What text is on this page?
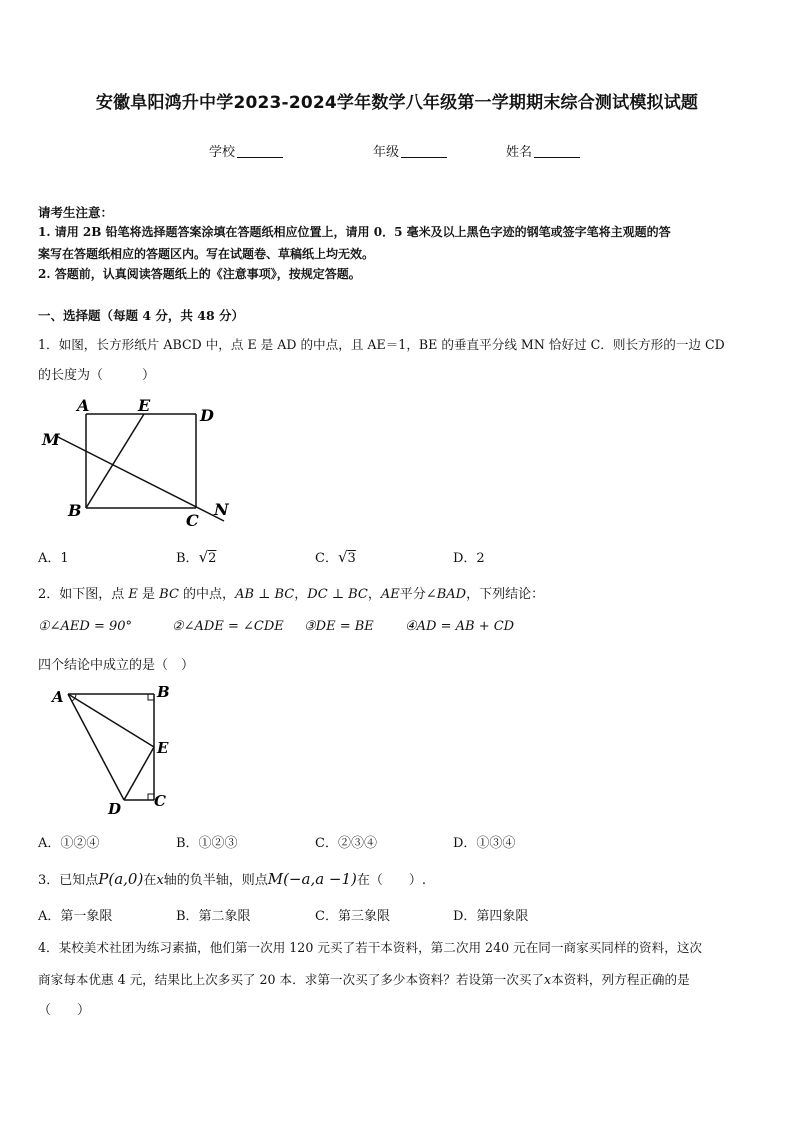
安徽阜阳鸿升中学2023-2024学年数学八年级第一学期期末综合测试模拟试题
学校	年级	姓名
请考生注意：
1. 请用 2B 铅笔将选择题答案涂填在答题纸相应位置上，请用 0．5 毫米及以上黑色字迹的钢笔或签字笔将主观题的答
案写在答题纸相应的答题区内。写在试题卷、草稿纸上均无效。
2. 答题前，认真阅读答题纸上的《注意事项》，按规定答题。
一、选择题（每题 4 分，共 48 分）
1．如图，长方形纸片 ABCD 中，点 E 是 AD 的中点，且 AE＝1，BE 的垂直平分线 MN 恰好过 C．则长方形的一边 CD
的长度为（　　　）
A	E
D
M
B
C
N
A．1	B．√2	C．√3	D．2
2．如下图，点 E 是 BC 的中点，AB ⊥ BC，DC ⊥ BC，AE平分∠BAD，下列结论：
①∠AED = 90°	②∠ADE = ∠CDE ③DE = BE ④AD = AB + CD
四个结论中成立的是（　）
A	B
E
D C
A．①②④	B．①②③	C．②③④	D．①③④
3．已知点P(a,0)在x轴的负半轴，则点M(−a,a −1)在（　　）.
A．第一象限	B．第二象限	C．第三象限	D．第四象限
4．某校美术社团为练习素描，他们第一次用 120 元买了若干本资料，第二次用 240 元在同一商家买同样的资料，这次
商家每本优惠 4 元，结果比上次多买了 20 本．求第一次买了多少本资料？若设第一次买了x本资料，列方程正确的是
（　　）
